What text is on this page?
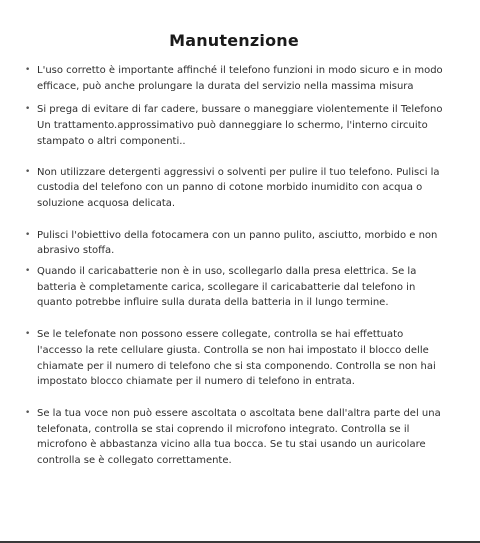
Manutenzione
• L'uso corretto è importante affinché il telefono funzioni in modo sicuro e in modo efficace, può anche prolungare la durata del servizio nella massima misura
• Si prega di evitare di far cadere, bussare o maneggiare violentemente il Telefono Un trattamento.approssimativo può danneggiare lo schermo, l'interno circuito stampato o altri componenti..
• Non utilizzare detergenti aggressivi o solventi per pulire il tuo telefono. Pulisci la custodia del telefono con un panno di cotone morbido inumidito con acqua o soluzione acquosa delicata.
• Pulisci l'obiettivo della fotocamera con un panno pulito, asciutto, morbido e non abrasivo stoffa.
• Quando il caricabatterie non è in uso, scollegarlo dalla presa elettrica. Se la batteria è completamente carica, scollegare il caricabatterie dal telefono in quanto potrebbe influire sulla durata della batteria in il lungo termine.
• Se le telefonate non possono essere collegate, controlla se hai effettuato l'accesso la rete cellulare giusta. Controlla se non hai impostato il blocco delle chiamate per il numero di telefono che si sta componendo. Controlla se non hai impostato blocco chiamate per il numero di telefono in entrata.
• Se la tua voce non può essere ascoltata o ascoltata bene dall'altra parte del una telefonata, controlla se stai coprendo il microfono integrato. Controlla se il microfono è abbastanza vicino alla tua bocca. Se tu stai usando un auricolare controlla se è collegato correttamente.
